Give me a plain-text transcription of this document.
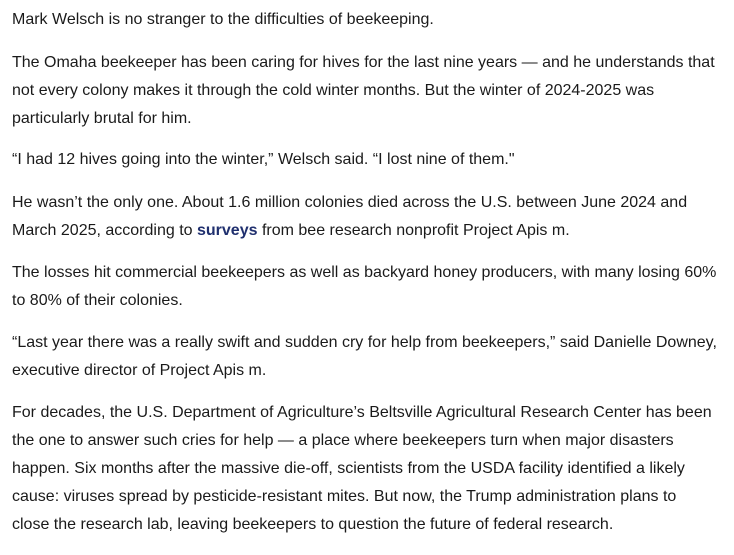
Mark Welsch is no stranger to the difficulties of beekeeping.

The Omaha beekeeper has been caring for hives for the last nine years — and he understands that
not every colony makes it through the cold winter months. But the winter of 2024-2025 was
particularly brutal for him.

“I had 12 hives going into the winter,” Welsch said. “I lost nine of them."

He wasn’t the only one. About 1.6 million colonies died across the U.S. between June 2024 and
March 2025, according to surveys from bee research nonprofit Project Apis m.

The losses hit commercial beekeepers as well as backyard honey producers, with many losing 60%
to 80% of their colonies.

“Last year there was a really swift and sudden cry for help from beekeepers,” said Danielle Downey,
executive director of Project Apis m.

For decades, the U.S. Department of Agriculture’s Beltsville Agricultural Research Center has been
the one to answer such cries for help — a place where beekeepers turn when major disasters
happen. Six months after the massive die-off, scientists from the USDA facility identified a likely
cause: viruses spread by pesticide-resistant mites. But now, the Trump administration plans to
close the research lab, leaving beekeepers to question the future of federal research.
